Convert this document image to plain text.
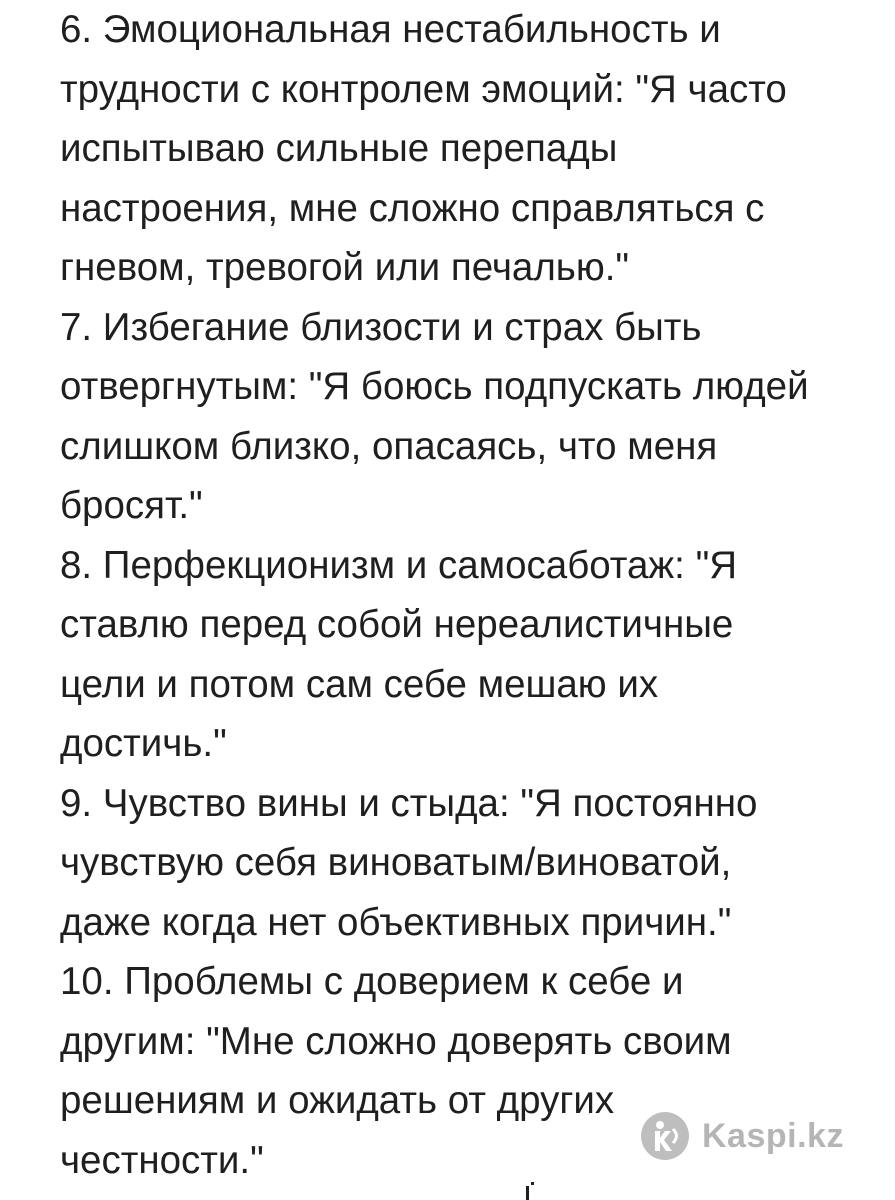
6. Эмоциональная нестабильность и
трудности с контролем эмоций: "Я часто
испытываю сильные перепады
настроения, мне сложно справляться с
гневом, тревогой или печалью."
7. Избегание близости и страх быть
отвергнутым: "Я боюсь подпускать людей
слишком близко, опасаясь, что меня
бросят."
8. Перфекционизм и самосаботаж: "Я
ставлю перед собой нереалистичные
цели и потом сам себе мешаю их
достичь."
9. Чувство вины и стыда: "Я постоянно
чувствую себя виноватым/виноватой,
даже когда нет объективных причин."
10. Проблемы с доверием к себе и
другим: "Мне сложно доверять своим
решениям и ожидать от других
честности."
Kaspi.kz
